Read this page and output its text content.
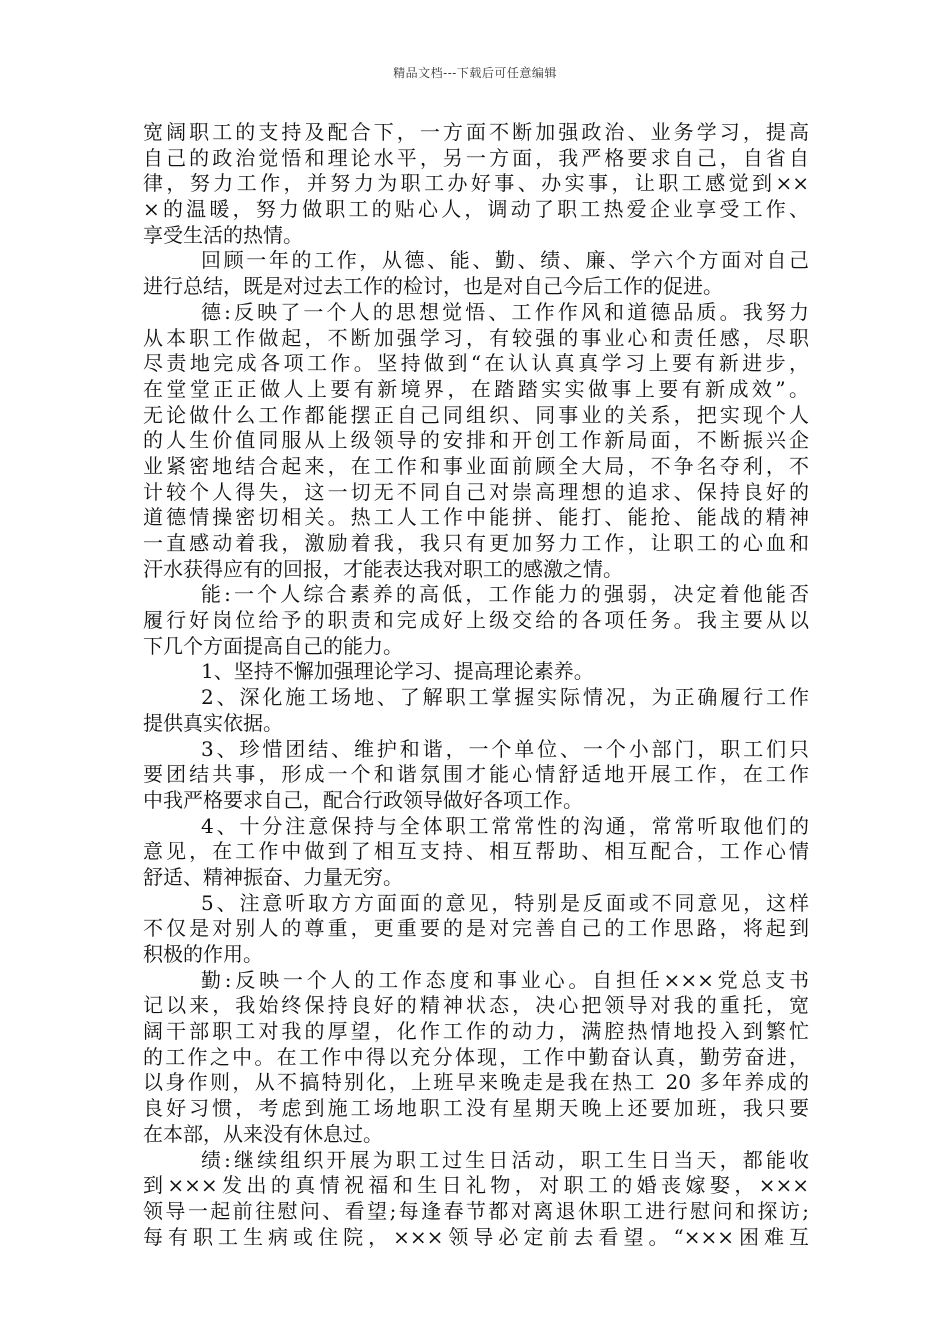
精品文档---下载后可任意编辑
宽阔职工的支持及配合下，一方面不断加强政治、业务学习，提高
自己的政治觉悟和理论水平，另一方面，我严格要求自己，自省自
律，努力工作，并努力为职工办好事、办实事，让职工感觉到××
×的温暖，努力做职工的贴心人，调动了职工热爱企业享受工作、
享受生活的热情。
回顾一年的工作，从德、能、勤、绩、廉、学六个方面对自己
进行总结，既是对过去工作的检讨，也是对自己今后工作的促进。
德:反映了一个人的思想觉悟、工作作风和道德品质。我努力
从本职工作做起，不断加强学习，有较强的事业心和责任感，尽职
尽责地完成各项工作。坚持做到“在认认真真学习上要有新进步，
在堂堂正正做人上要有新境界，在踏踏实实做事上要有新成效”。
无论做什么工作都能摆正自己同组织、同事业的关系，把实现个人
的人生价值同服从上级领导的安排和开创工作新局面，不断振兴企
业紧密地结合起来，在工作和事业面前顾全大局，不争名夺利，不
计较个人得失，这一切无不同自己对崇高理想的追求、保持良好的
道德情操密切相关。热工人工作中能拼、能打、能抢、能战的精神
一直感动着我，激励着我，我只有更加努力工作，让职工的心血和
汗水获得应有的回报，才能表达我对职工的感激之情。
能:一个人综合素养的高低，工作能力的强弱，决定着他能否
履行好岗位给予的职责和完成好上级交给的各项任务。我主要从以
下几个方面提高自己的能力。
1、坚持不懈加强理论学习、提高理论素养。
2、深化施工场地、了解职工掌握实际情况，为正确履行工作
提供真实依据。
3、珍惜团结、维护和谐，一个单位、一个小部门，职工们只
要团结共事，形成一个和谐氛围才能心情舒适地开展工作，在工作
中我严格要求自己，配合行政领导做好各项工作。
4、十分注意保持与全体职工常常性的沟通，常常听取他们的
意见，在工作中做到了相互支持、相互帮助、相互配合，工作心情
舒适、精神振奋、力量无穷。
5、注意听取方方面面的意见，特别是反面或不同意见，这样
不仅是对别人的尊重，更重要的是对完善自己的工作思路，将起到
积极的作用。
勤:反映一个人的工作态度和事业心。自担任×××党总支书
记以来，我始终保持良好的精神状态，决心把领导对我的重托，宽
阔干部职工对我的厚望，化作工作的动力，满腔热情地投入到繁忙
的工作之中。在工作中得以充分体现，工作中勤奋认真，勤劳奋进，
以身作则，从不搞特别化，上班早来晚走是我在热工 20 多年养成的
良好习惯，考虑到施工场地职工没有星期天晚上还要加班，我只要
在本部，从来没有休息过。
绩:继续组织开展为职工过生日活动，职工生日当天，都能收
到×××发出的真情祝福和生日礼物，对职工的婚丧嫁娶，×××
领导一起前往慰问、看望;每逢春节都对离退休职工进行慰问和探访;
每有职工生病或住院，×××领导必定前去看望。“×××困难互
